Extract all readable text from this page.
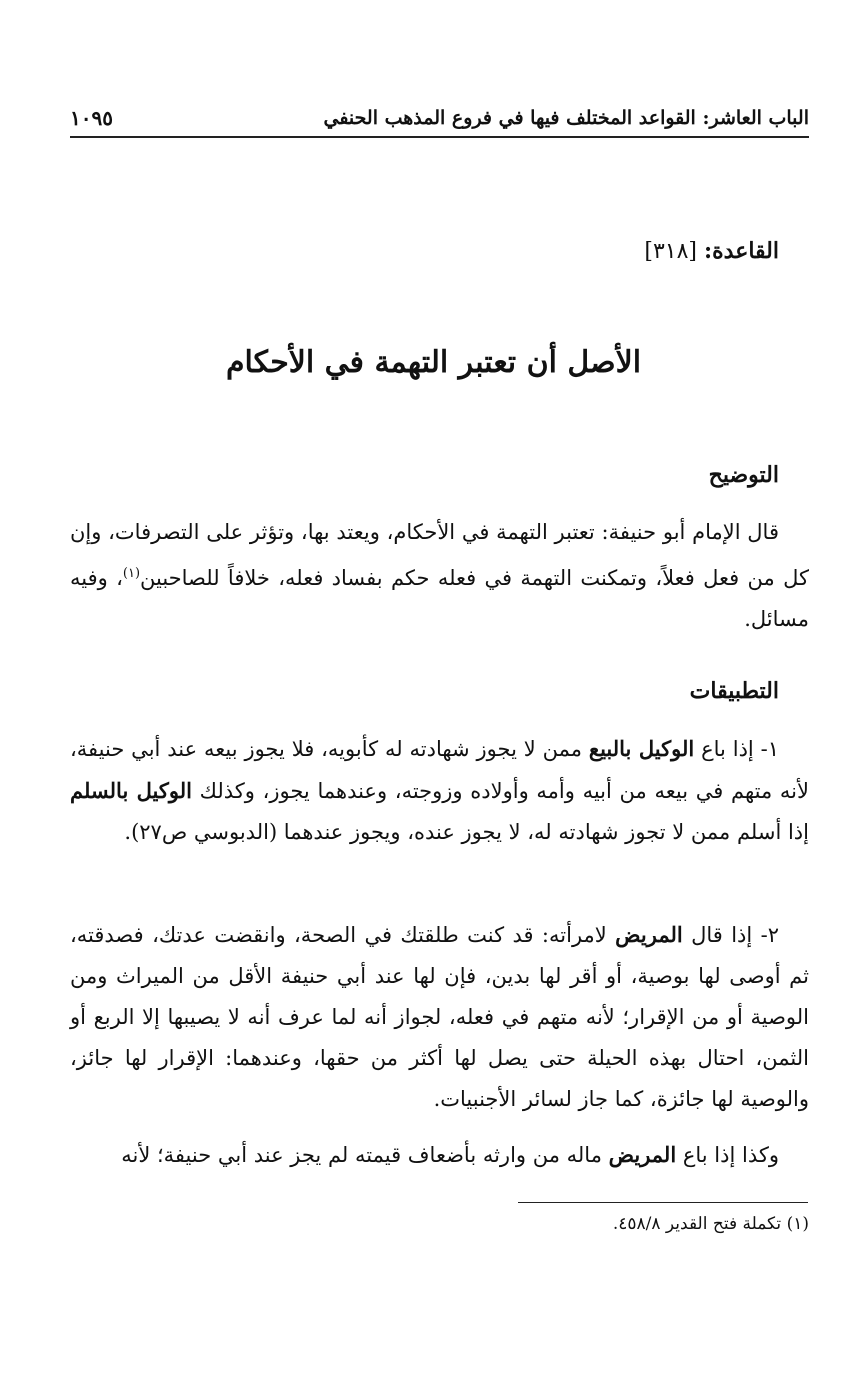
الباب العاشر: القواعد المختلف فيها في فروع المذهب الحنفي
١٠٩٥
القاعدة: [٣١٨]
الأصل أن تعتبر التهمة في الأحكام
التوضيح

قال الإمام أبو حنيفة: تعتبر التهمة في الأحكام، ويعتد بها، وتؤثر على التصرفات، وإن كل من فعل فعلاً، وتمكنت التهمة في فعله حكم بفساد فعله، خلافاً للصاحبين$^{(١)}$، وفيه مسائل.

التطبيقات

١- إذا باع الوكيل بالبيع ممن لا يجوز شهادته له كأبويه، فلا يجوز بيعه عند أبي حنيفة، لأنه متهم في بيعه من أبيه وأمه وأولاده وزوجته، وعندهما يجوز، وكذلك الوكيل بالسلم إذا أسلم ممن لا تجوز شهادته له، لا يجوز عنده، ويجوز عندهما (الدبوسي ص٢٧).

٢- إذا قال المريض لامرأته: قد كنت طلقتك في الصحة، وانقضت عدتك، فصدقته، ثم أوصى لها بوصية، أو أقر لها بدين، فإن لها عند أبي حنيفة الأقل من الميراث ومن الوصية أو من الإقرار؛ لأنه متهم في فعله، لجواز أنه لما عرف أنه لا يصيبها إلا الربع أو الثمن، احتال بهذه الحيلة حتى يصل لها أكثر من حقها، وعندهما: الإقرار لها جائز، والوصية لها جائزة، كما جاز لسائر الأجنبيات.

وكذا إذا باع المريض ماله من وارثه بأضعاف قيمته لم يجز عند أبي حنيفة؛ لأنه

(١) تكملة فتح القدير ٤٥٨/٨.
